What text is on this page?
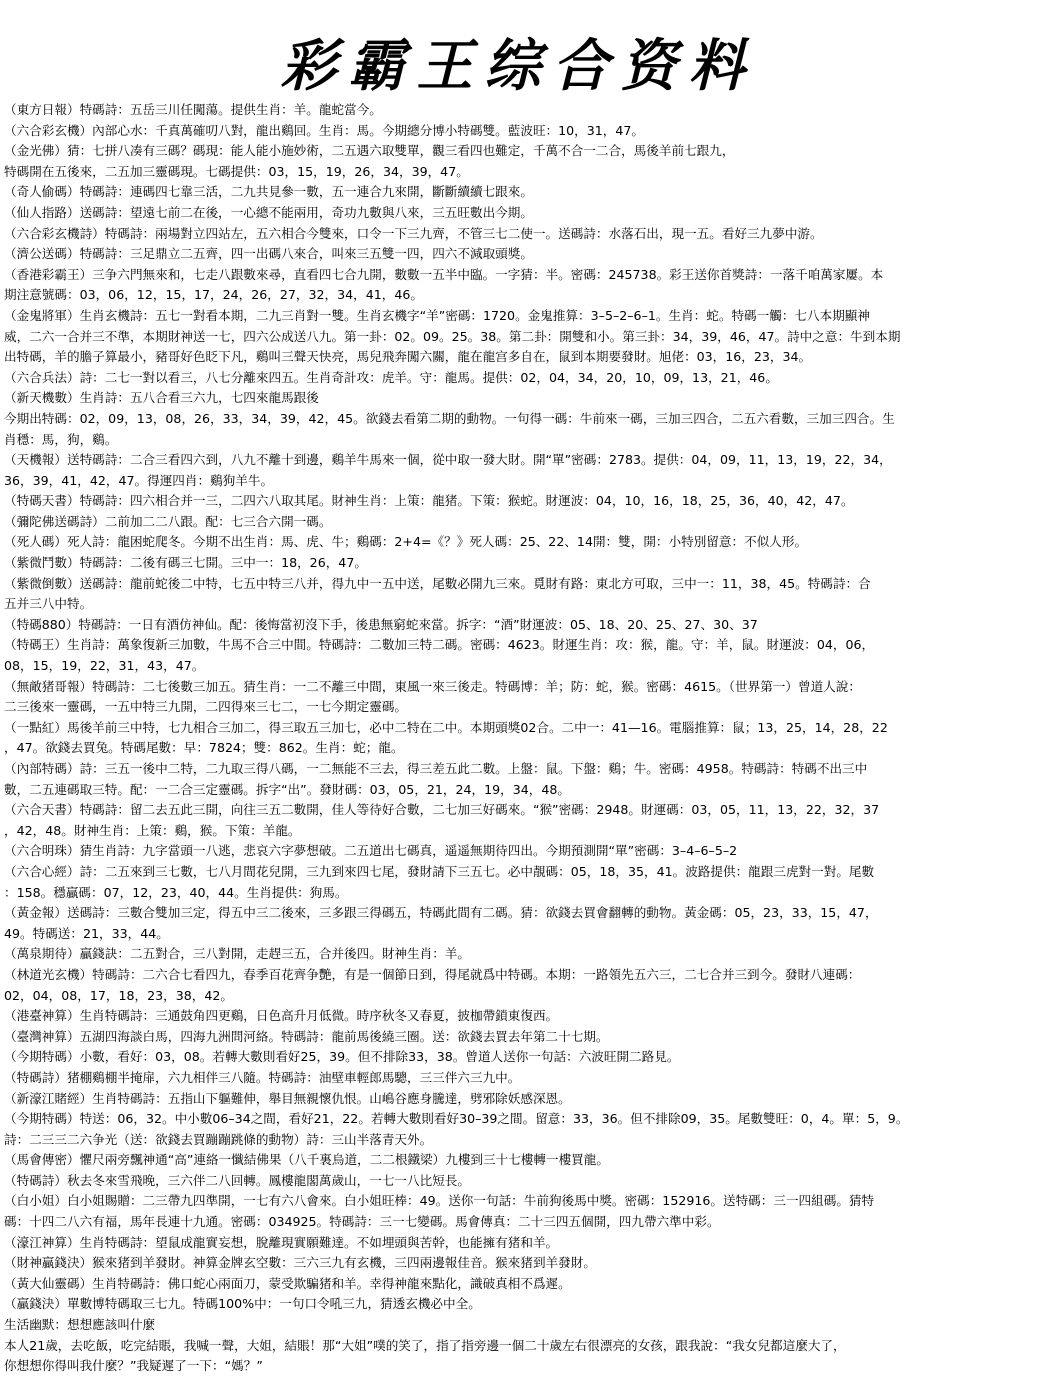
彩霸王综合资料

（東方日報）特碼詩：五岳三川任闖蕩。提供生肖：羊。龍蛇當今。

（六合彩玄機）內部心水：千真萬確叨八對，龍出鷄回。生肖：馬。今期總分博小特碼雙。藍波旺：10，31，47。

（金光佛）猜：七拼八凑有三碼？碼現：能人能小施妙術，二五遇六取雙單，觀三看四也難定，千萬不合一二合，馬後羊前七跟九，

特碼開在五後來，二五加三靈碼現。七碼提供：03，15，19，26，34，39，47。

（奇人偷碼）特碼詩：連碼四七靠三活，二九共見參一數，五一連合九來開，斷斷續續七跟來。

（仙人指路）送碼詩：望遠七前二在後，一心總不能兩用，奇功九數與八來，三五旺數出今期。

（六合彩玄機詩）特碼詩：兩場對立四站左，五六相合今雙來，口令一下三九齊，不管三七二使一。送碼詩：水落石出，現一五。看好三九夢中游。

（濟公送碼）特碼詩：三足鼎立二五齊，四一出碼八來合，叫來三五雙一四，四六不減取頭獎。

（香港彩霸王）三争六門無來和，七走八跟數來尋，直看四七合九開，數數一五半中臨。一字猜：半。密碼：245738。彩王送你首獎詩：一落千咱萬家屢。本

期注意號碼：03，06，12，15，17，24，26，27，32，34，41，46。

（金鬼將軍）生肖玄機詩：五七一對看本期，二九三肖對一雙。生肖玄機字“羊”密碼：1720。金鬼推算：3–5–2–6–1。生肖：蛇。特碼一觸：七八本期顯神

威，二六一合并三不準，本期財神送一七，四六公成送八九。第一卦：02。09。25。38。第二卦：開雙和小。第三卦：34，39，46，47。詩中之意：牛到本期

出特碼，羊的膽子算最小，豬哥好色眨下凡，鷄叫三聲天快亮，馬兒飛奔闖六關，龍在龍宫多自在，鼠到本期要發財。旭佬：03，16，23，34。

（六合兵法）詩：二七一對以看三，八七分離來四五。生肖奇計攻：虎羊。守：龍馬。提供：02，04，34，20，10，09，13，21，46。

（新天機數）生肖詩：五八合看三六九，七四來龍馬跟後

今期出特碼：02，09，13，08，26，33，34，39，42，45。欲錢去看第二期的動物。一句得一碼：牛前來一碼，三加三四合，二五六看數，三加三四合。生

肖穩：馬，狗，鷄。

（天機報）送特碼詩：二合三看四六到，八九不離十到邊，鷄羊牛馬來一個，從中取一發大財。開“單”密碼：2783。提供：04，09，11，13，19，22，34，

36，39，41，42，47。得運四肖：鷄狗羊牛。

（特碼天書）特碼詩：四六相合并一三，二四六八取其尾。財神生肖：上策：龍猪。下策：猴蛇。財運波：04，10，16，18，25，36，40，42，47。

（彌陀佛送碼詩）二前加二二八跟。配：七三合六開一碼。

（死人碼）死人詩：龍困蛇爬冬。今期不出生肖：馬、虎、牛；鷄碼：2+4=《？》死人碼：25、22、14開：雙，開：小特別留意：不似人形。

（紫微鬥數）特碼詩：二後有碼三七開。三中一：18，26，47。

（紫微倒數）送碼詩：龍前蛇後二中特，七五中特三八并，得九中一五中送，尾數必開九三來。覓財有路：東北方可取，三中一：11，38，45。特碼詩：合

五并三八中特。

（特碼880）特碼詩：一日有酒仿神仙。配：後悔當初沒下手，後患無窮蛇來當。拆字：“酒”財運波：05、18、20、25、27、30、37

（特碼王）生肖詩：萬象復新三加數，牛馬不合三中間。特碼詩：二數加三特二碼。密碼：4623。財運生肖：攻：猴，龍。守：羊，鼠。財運波：04，06，

08，15，19，22，31，43，47。

（無敵猪哥報）特碼詩：二七後數三加五。猜生肖：一二不離三中間，東風一來三後走。特碼博：羊；防：蛇，猴。密碼：4615。（世界第一）曾道人說：

二三後來一靈碼，一五中特三九開，二四得來三七二，一七今期定靈碼。

（一點紅）馬後羊前三中特，七九相合三加二，得三取五三加七，必中二特在二中。本期頭獎02合。二中一：41—16。電腦推算：鼠；13，25，14，28，22

，47。欲錢去買兔。特碼尾數：早：7824；雙：862。生肖：蛇；龍。

（內部特碼）詩：三五一後中二特，二九取三得八碼，一二無能不三去，得三差五此二數。上盤：鼠。下盤：鷄；牛。密碼：4958。特碼詩：特碼不出三中

數，二五連碼取三特。配：一二合三定靈碼。拆字“出”。發財碼：03，05，21，24，19，34，48。

（六合天書）特碼詩：留二去五此三開，向往三五二數開，佳人等待好合數，二七加三好碼來。“猴”密碼：2948。財運碼：03，05，11，13，22，32，37

，42，48。財神生肖：上策：鷄，猴。下策：羊龍。

（六合明珠）猜生肖詩：九字當頭一八逃，悲哀六字夢想破。二五道出七碼真，遥遥無期待四出。今期預測開“單”密碼：3–4–6–5–2

（六合心經）詩：二五來到三七數，七八月間花兒開，三九到來四七尾，發財請下三五七。必中靚碼：05，18，35，41。波路提供：龍跟三虎對一對。尾數

：158。穩贏碼：07，12，23，40，44。生肖提供：狗馬。

（黃金報）送碼詩：三數合雙加三定，得五中三二後來，三多跟三得碼五，特碼此間有二碼。猜：欲錢去買會翻轉的動物。黃金碼：05，23，33，15，47，

49。特碼送：21，33，44。

（萬泉期待）贏錢訣：二五對合，三八對開，走趕三五，合并後四。財神生肖：羊。

（林道光玄機）特碼詩：二六合七看四九，春季百花齊争艷，有是一個節日到，得尾就爲中特碼。本期：一路領先五六三，二七合并三到今。發財八連碼：

02，04，08，17，18，23，38，42。

（港臺神算）生肖特碼詩：三通鼓角四更鷄，日色高升月低微。時序秋冬又春夏，披枷帶鎖東復西。

（臺灣神算）五湖四海談白馬，四海九洲問河絡。特碼詩：龍前馬後繞三圈。送：欲錢去買去年第二十七期。

（今期特碼）小數，看好：03，08。若轉大數則看好25，39。但不排除33，38。曾道人送你一句話：六波旺開二路見。

（特碼詩）猪棚鷄棚半掩扉，六九相伴三八隨。特碼詩：油壁車輕郎馬驄，三三伴六三九中。

（新濠江賭經）生肖特碼詩：五指山下軀難伸，舉目無親懷仇恨。山嶋谷應身騰達，劈邪除妖感深恩。

（今期特碼）特送：06，32。中小數06–34之間，看好21，22。若轉大數則看好30–39之間。留意：33，36。但不排除09，35。尾數雙旺：0，4。單：5，9。

詩：二三三二六争光（送：欲錢去買蹦蹦跳條的動物）詩：三山半落青天外。

（馬會傳密）懼尺兩旁飄神通“高”連絡一懺結佛果（八千裏烏道，二二根鐵梁）九樓到三十七樓轉一樓買龍。

（特碼詩）秋去冬來雪飛晚，三六伴二八回轉。鳳樓龍閣萬歲山，一七一八比短長。

（白小姐）白小姐賜贈：二三帶九四準開，一七有六八會來。白小姐旺棒：49。送你一句話：牛前狗後馬中獎。密碼：152916。送特碼：三一四組碼。猜特

碼：十四二八六有福，馬年長連十九通。密碼：034925。特碼詩：三一七變碼。馬會傳真：二十三四五個開，四九帶六準中彩。

（濠江神算）生肖特碼詩：望鼠成龍實妄想，脫離現實願難達。不如埋頭與苦幹，也能擁有猪和羊。

（財神贏錢決）猴來猪到羊發財。神算金牌玄空數：三六三九有玄機，三四兩邊報佳音。猴來猪到羊發財。

（黃大仙靈碼）生肖特碼詩：佛口蛇心兩面刀，蒙受欺騙猪和羊。幸得神龍來點化，識破真相不爲遲。

（贏錢決）單數博特碼取三七九。特碼100%中：一句口令吼三九，猜透玄機必中全。

生活幽默：想想應該叫什麼

本人21歲，去吃飯，吃完結賬，我喊一聲，大姐，結賬！那“大姐”噗的笑了，指了指旁邊一個二十歲左右很漂亮的女孩，跟我說：“我女兒都這麼大了，

你想想你得叫我什麼？”我疑遲了一下：“媽？”
